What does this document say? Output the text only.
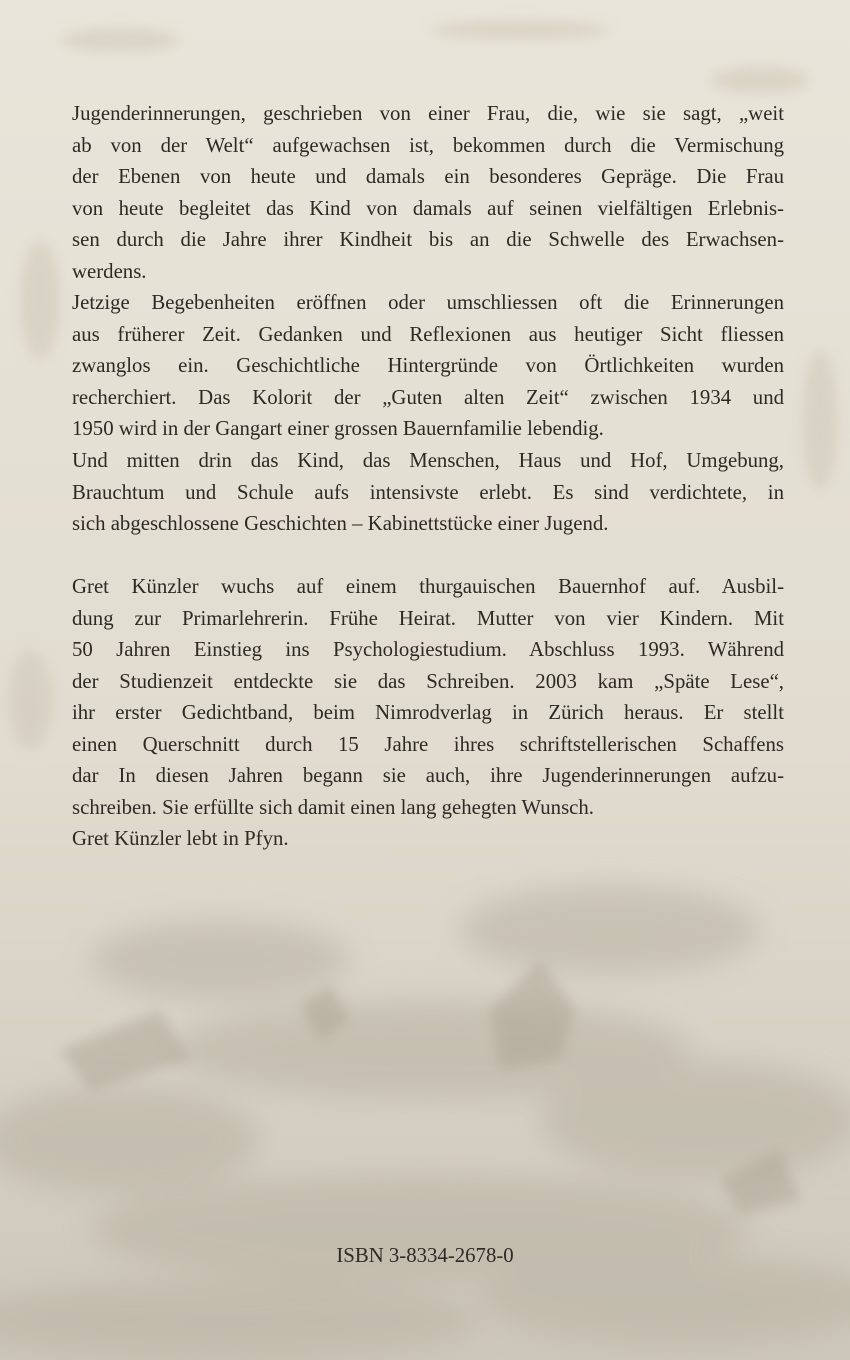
Jugenderinnerungen, geschrieben von einer Frau, die, wie sie sagt, „weit
ab von der Welt“ aufgewachsen ist, bekommen durch die Vermischung
der Ebenen von heute und damals ein besonderes Gepräge. Die Frau
von heute begleitet das Kind von damals auf seinen vielfältigen Erlebnis-
sen durch die Jahre ihrer Kindheit bis an die Schwelle des Erwachsen-
werdens.
Jetzige Begebenheiten eröffnen oder umschliessen oft die Erinnerungen
aus früherer Zeit. Gedanken und Reflexionen aus heutiger Sicht fliessen
zwanglos ein. Geschichtliche Hintergründe von Örtlichkeiten wurden
recherchiert. Das Kolorit der „Guten alten Zeit“ zwischen 1934 und
1950 wird in der Gangart einer grossen Bauernfamilie lebendig.
Und mitten drin das Kind, das Menschen, Haus und Hof, Umgebung,
Brauchtum und Schule aufs intensivste erlebt. Es sind verdichtete, in
sich abgeschlossene Geschichten – Kabinettstücke einer Jugend.
Gret Künzler wuchs auf einem thurgauischen Bauernhof auf. Ausbil-
dung zur Primarlehrerin. Frühe Heirat. Mutter von vier Kindern. Mit
50 Jahren Einstieg ins Psychologiestudium. Abschluss 1993. Während
der Studienzeit entdeckte sie das Schreiben. 2003 kam „Späte Lese“,
ihr erster Gedichtband, beim Nimrodverlag in Zürich heraus. Er stellt
einen Querschnitt durch 15 Jahre ihres schriftstellerischen Schaffens
dar In diesen Jahren begann sie auch, ihre Jugenderinnerungen aufzu-
schreiben. Sie erfüllte sich damit einen lang gehegten Wunsch.
Gret Künzler lebt in Pfyn.
ISBN 3-8334-2678-0
